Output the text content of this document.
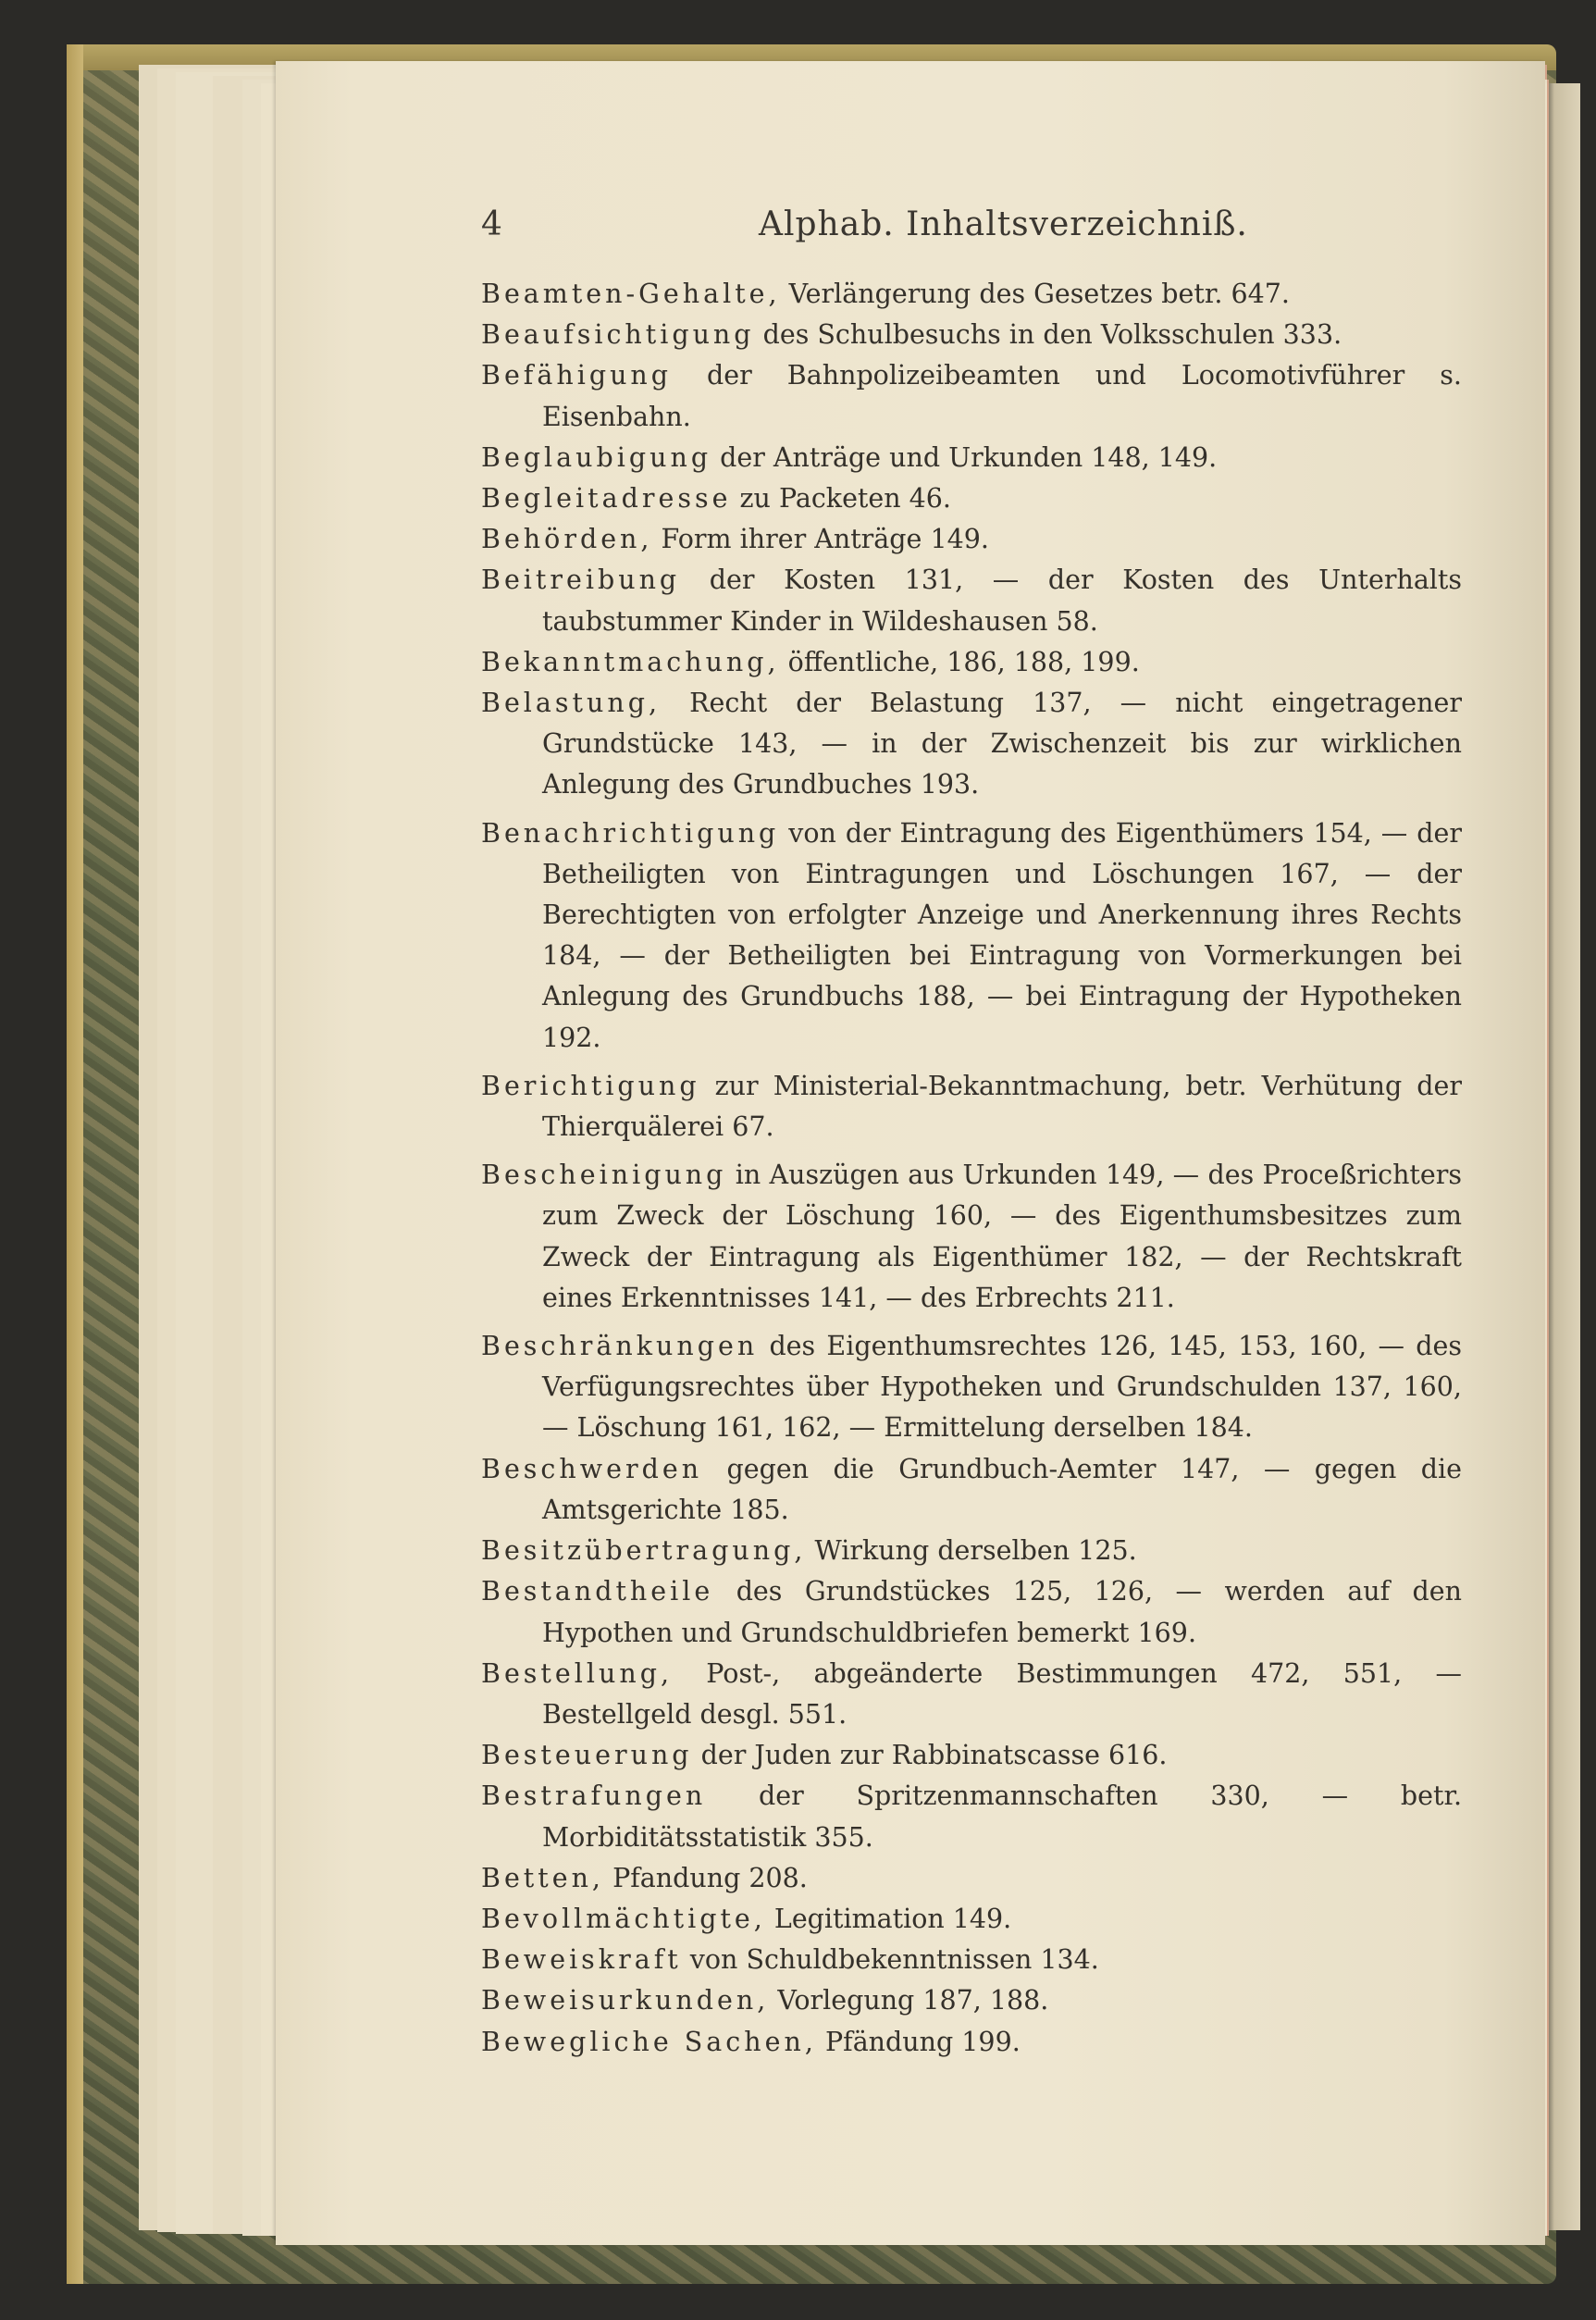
4	Alphab. Inhaltsverzeichniß.

Beamten-Gehalte, Verlängerung des Gesetzes betr. 647.

Beaufsichtigung des Schulbesuchs in den Volksschulen 333.

Befähigung der Bahnpolizeibeamten und Locomotivführer s. Eisenbahn.

Beglaubigung der Anträge und Urkunden 148, 149.

Begleitadresse zu Packeten 46.

Behörden, Form ihrer Anträge 149.

Beitreibung der Kosten 131, — der Kosten des Unterhalts taubstummer Kinder in Wildeshausen 58.

Bekanntmachung, öffentliche, 186, 188, 199.

Belastung, Recht der Belastung 137, — nicht eingetragener Grundstücke 143, — in der Zwischenzeit bis zur wirklichen Anlegung des Grundbuches 193.

Benachrichtigung von der Eintragung des Eigenthümers 154, — der Betheiligten von Eintragungen und Löschungen 167, — der Berechtigten von erfolgter Anzeige und Anerkennung ihres Rechts 184, — der Betheiligten bei Eintragung von Vormerkungen bei Anlegung des Grundbuchs 188, — bei Eintragung der Hypotheken 192.

Berichtigung zur Ministerial-Bekanntmachung, betr. Verhütung der Thierquälerei 67.

Bescheinigung in Auszügen aus Urkunden 149, — des Proceßrichters zum Zweck der Löschung 160, — des Eigenthumsbesitzes zum Zweck der Eintragung als Eigenthümer 182, — der Rechtskraft eines Erkenntnisses 141, — des Erbrechts 211.

Beschränkungen des Eigenthumsrechtes 126, 145, 153, 160, — des Verfügungsrechtes über Hypotheken und Grundschulden 137, 160, — Löschung 161, 162, — Ermittelung derselben 184.

Beschwerden gegen die Grundbuch-Aemter 147, — gegen die Amtsgerichte 185.

Besitzübertragung, Wirkung derselben 125.

Bestandtheile des Grundstückes 125, 126, — werden auf den Hypothen und Grundschuldbriefen bemerkt 169.

Bestellung, Post-, abgeänderte Bestimmungen 472, 551, — Bestellgeld desgl. 551.

Besteuerung der Juden zur Rabbinatscasse 616.

Bestrafungen der Spritzenmannschaften 330, — betr. Morbiditätsstatistik 355.

Betten, Pfandung 208.

Bevollmächtigte, Legitimation 149.

Beweiskraft von Schuldbekenntnissen 134.

Beweisurkunden, Vorlegung 187, 188.

Bewegliche Sachen, Pfändung 199.
